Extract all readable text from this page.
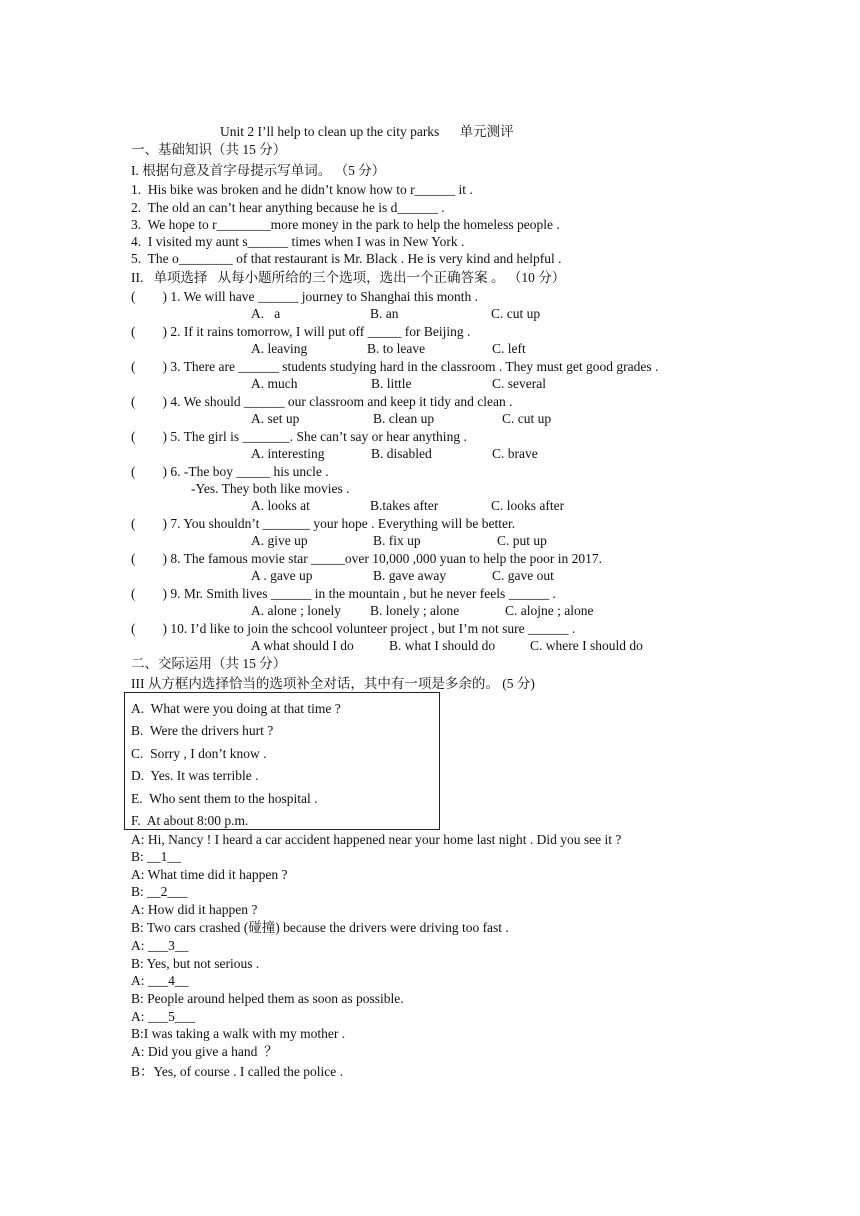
Unit 2 I’ll help to clean up the city parks      单元测评
一、基础知识（共 15 分）
I. 根据句意及首字母提示写单词。 （5 分）
1.  His bike was broken and he didn’t know how to r______ it .
2.  The old an can’t hear anything because he is d______ .
3.  We hope to r________more money in the park to help the homeless people .
4.  I visited my aunt s______ times when I was in New York .
5.  The o________ of that restaurant is Mr. Black . He is very kind and helpful .
II.   单项选择   从每小题所给的三个选项，选出一个正确答案 。 （10 分）
(        ) 1. We will have ______ journey to Shanghai this month .
A.   a	B. an	C. cut up
(        ) 2. If it rains tomorrow, I will put off _____ for Beijing .
A. leaving	B. to leave	C. left
(        ) 3. There are ______ students studying hard in the classroom . They must get good grades .
A. much	B. little	C. several
(        ) 4. We should ______ our classroom and keep it tidy and clean .
A. set up	B. clean up	C. cut up
(        ) 5. The girl is _______. She can’t say or hear anything .
A. interesting	B. disabled	C. brave
(        ) 6. -The boy _____ his uncle .
-Yes. They both like movies .
A. looks at	B.takes after	C. looks after
(        ) 7. You shouldn’t _______ your hope . Everything will be better.
A. give up	B. fix up	C. put up
(        ) 8. The famous movie star _____over 10,000 ,000 yuan to help the poor in 2017.
A . gave up	B. gave away	C. gave out
(        ) 9. Mr. Smith lives ______ in the mountain , but he never feels ______ .
A. alone ; lonely B. lonely ; alone	C. alojne ; alone
(        ) 10. I’d like to join the schcool volunteer project , but I’m not sure ______ .
A what should I do	B. what I should do	C. where I should do
二、交际运用（共 15 分）
III 从方框内选择恰当的选项补全对话，其中有一项是多余的。 (5 分)
A.  What were you doing at that time ?
B.  Were the drivers hurt ?
C.  Sorry , I don’t know .
D.  Yes. It was terrible .
E.  Who sent them to the hospital .
F.  At about 8:00 p.m.
A: Hi, Nancy ! I heard a car accident happened near your home last night . Did you see it ?
B: __1__
A: What time did it happen ?
B: __2___
A: How did it happen ?
B: Two cars crashed (碰撞) because the drivers were driving too fast .
A: ___3__
B: Yes, but not serious .
A: ___4__
B: People around helped them as soon as possible.
A: ___5___
B:I was taking a walk with my mother .
A: Did you give a hand  ？
B：Yes, of course . I called the police .
